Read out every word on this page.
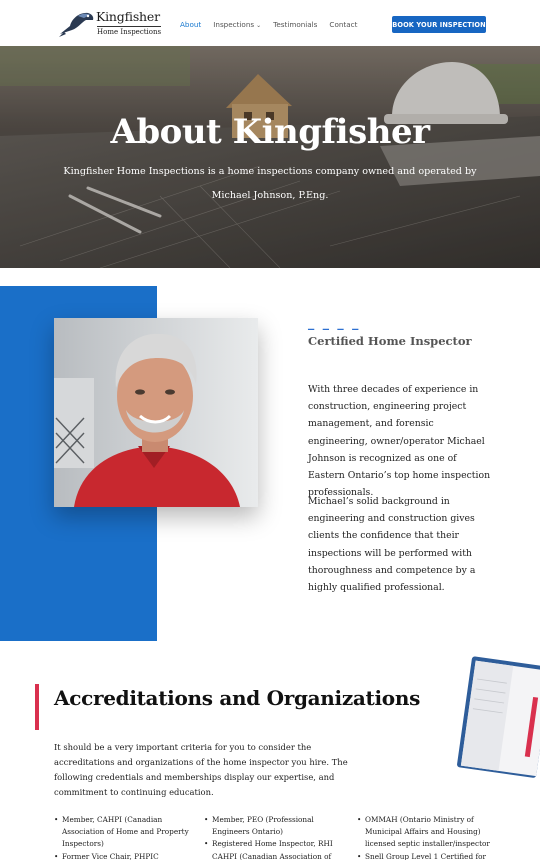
Kingfisher
Home Inspections
About Inspections ⌄ Testimonials Contact	BOOK YOUR INSPECTION
About Kingfisher

Kingfisher Home Inspections is a home inspections company owned and operated by Michael Johnson, P.Eng.

▁ ▁ ▁ ▁
Certified Home Inspector

With three decades of experience in construction, engineering project management, and forensic engineering, owner/operator Michael Johnson is recognized as one of Eastern Ontario’s top home inspection professionals.

Michael’s solid background in engineering and construction gives clients the confidence that their inspections will be performed with thoroughness and competence by a highly qualified professional.

Accreditations and Organizations

It should be a very important criteria for you to consider the accreditations and organizations of the home inspector you hire. The following credentials and memberships display our expertise, and commitment to continuing education.

• Member, CAHPI (Canadian Association of Home and Property Inspectors)
• Former Vice Chair, PHPIC
• Member, PEO (Professional Engineers Ontario)
• Registered Home Inspector, RHI CAHPI (Canadian Association of
• OMMAH (Ontario Ministry of Municipal Affairs and Housing) licensed septic installer/inspector
• Snell Group Level 1 Certified for
